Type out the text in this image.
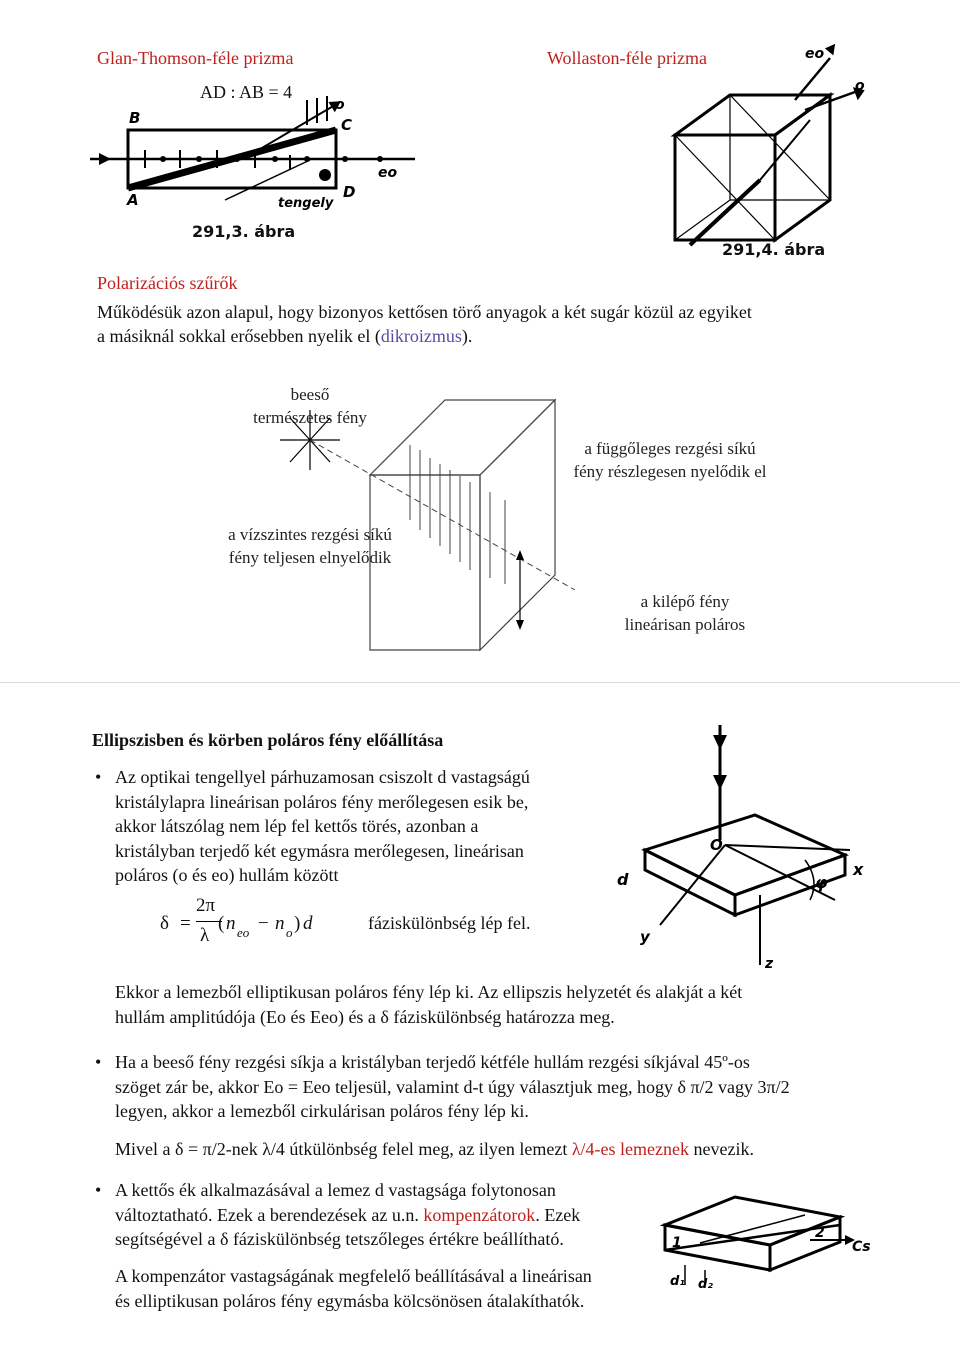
Glan-Thomson-féle prizma
AD : AB = 4
Wollaston-féle prizma
B
o
C
A	D
eo
tengely
291,3. ábra
eo
o
291,4. ábra
Polarizációs szűrők
Működésük azon alapul, hogy bizonyos kettősen törő anyagok a két sugár közül az egyiket
a másiknál sokkal erősebben nyelik el (dikroizmus).
beeső
természetes fény
a függőleges rezgési síkú
fény részlegesen nyelődik el
a vízszintes rezgési síkú
fény teljesen elnyelődik
a kilépő fény
lineárisan poláros
Ellipszisben és körben poláros fény előállítása
• Az optikai tengellyel párhuzamosan csiszolt d vastagságú
kristálylapra lineárisan poláros fény merőlegesen esik be,
akkor látszólag nem lép fel kettős törés, azonban a
kristályban terjedő két egymásra merőlegesen, lineárisan
poláros (o és eo) hullám között
δ =
2π
λ
( n eo − n o ) d	fáziskülönbség lép fel.
O
d
x
y
z
φ
Ekkor a lemezből elliptikusan poláros fény lép ki. Az ellipszis helyzetét és alakját a két
hullám amplitúdója (Eo és Eeo) és a δ fáziskülönbség határozza meg.
• Ha a beeső fény rezgési síkja a kristályban terjedő kétféle hullám rezgési síkjával 45º-os
szöget zár be, akkor Eo = Eeo teljesül, valamint d-t úgy választjuk meg, hogy δ π/2 vagy 3π/2
legyen, akkor a lemezből cirkulárisan poláros fény lép ki.
Mivel a δ = π/2-nek λ/4 útkülönbség felel meg, az ilyen lemezt λ/4-es lemeznek nevezik.
• A kettős ék alkalmazásával a lemez d vastagsága folytonosan
változtatható. Ezek a berendezések az u.n. kompenzátorok. Ezek
segítségével a δ fáziskülönbség tetszőleges értékre beállítható.
A kompenzátor vastagságának megfelelő beállításával a lineárisan
és elliptikusan poláros fény egymásba kölcsönösen átalakíthatók.
1
2
Cs
d₁ d₂
